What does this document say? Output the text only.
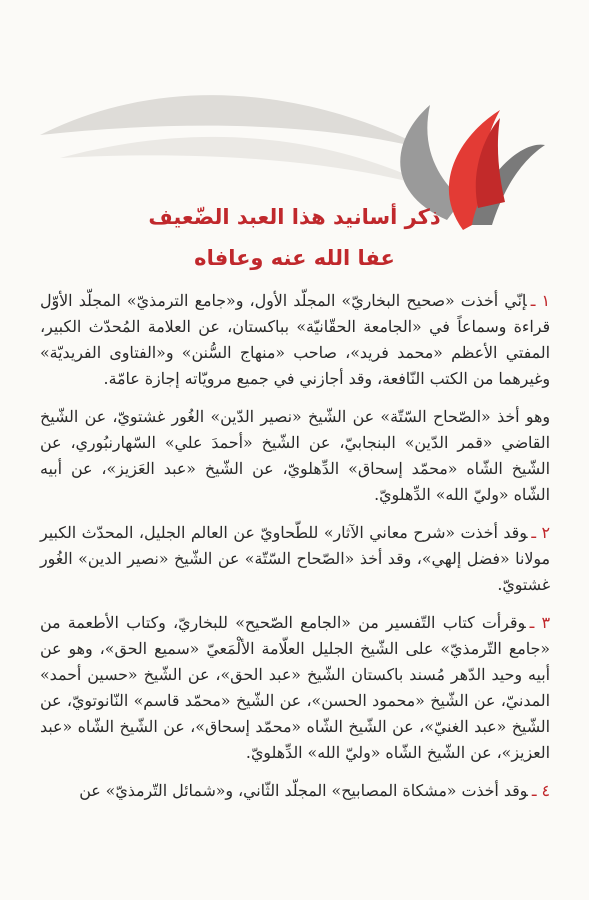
ذكر أسانيد هذا العبد الضّعيف
عفا الله عنه وعافاه

١ ـإنّي أخذت «صحيح البخاريّ» المجلّد الأول، و«جامع الترمذيّ» المجلّد الأوّل قراءة وسماعاً في «الجامعة الحقّانيّة» بباكستان، عن العلامة المُحدّث الكبير، المفتي الأعظم «محمد فريد»، صاحب «منهاج السُّنن» و«الفتاوى الفريديّة» وغيرهما من الكتب النّافعة، وقد أجازني في جميع مرويّاته إجازة عامّة.

وهو أخذ «الصّحاح السّتّة» عن الشّيخ «نصير الدّين» الغُور غشتويّ، عن الشّيخ القاضي «قمر الدّين» البنجابيّ، عن الشّيخ «أحمدَ علي» السّهارنبُوري، عن الشّيخ الشّاه «محمّد إسحاق» الدِّهلويّ، عن الشّيخ «عبد العَزيز»، عن أبيه الشّاه «وليّ الله» الدِّهلويّ.

٢ ـوقد أخذت «شرح معاني الآثار» للطّحاويّ عن العالم الجليل، المحدّث الكبير مولانا «فضل إلهي»، وقد أخذ «الصّحاح السّتّة» عن الشّيخ «نصير الدين» الغُور غشتويّ.

٣ ـوقرأت كتاب التّفسير من «الجامع الصّحيح» للبخاريّ، وكتاب الأطعمة من «جامع التّرمذيّ» على الشّيخ الجليل العلّامة الألْمَعيّ «سميع الحق»، وهو عن أبيه وحيد الدّهر مُسند باكستان الشّيخ «عبد الحق»، عن الشّيخ «حسين أحمد» المدنيّ، عن الشّيخ «محمود الحسن»، عن الشّيخ «محمّد قاسم» النّانوتويّ، عن الشّيخ «عبد الغنيّ»، عن الشّيخ الشّاه «محمّد إسحاق»، عن الشّيخ الشّاه «عبد العزيز»، عن الشّيخ الشّاه «وليّ الله» الدِّهلويّ.

٤ ـوقد أخذت «مشكاة المصابيح» المجلّد الثّاني، و«شمائل التّرمذيّ» عن
